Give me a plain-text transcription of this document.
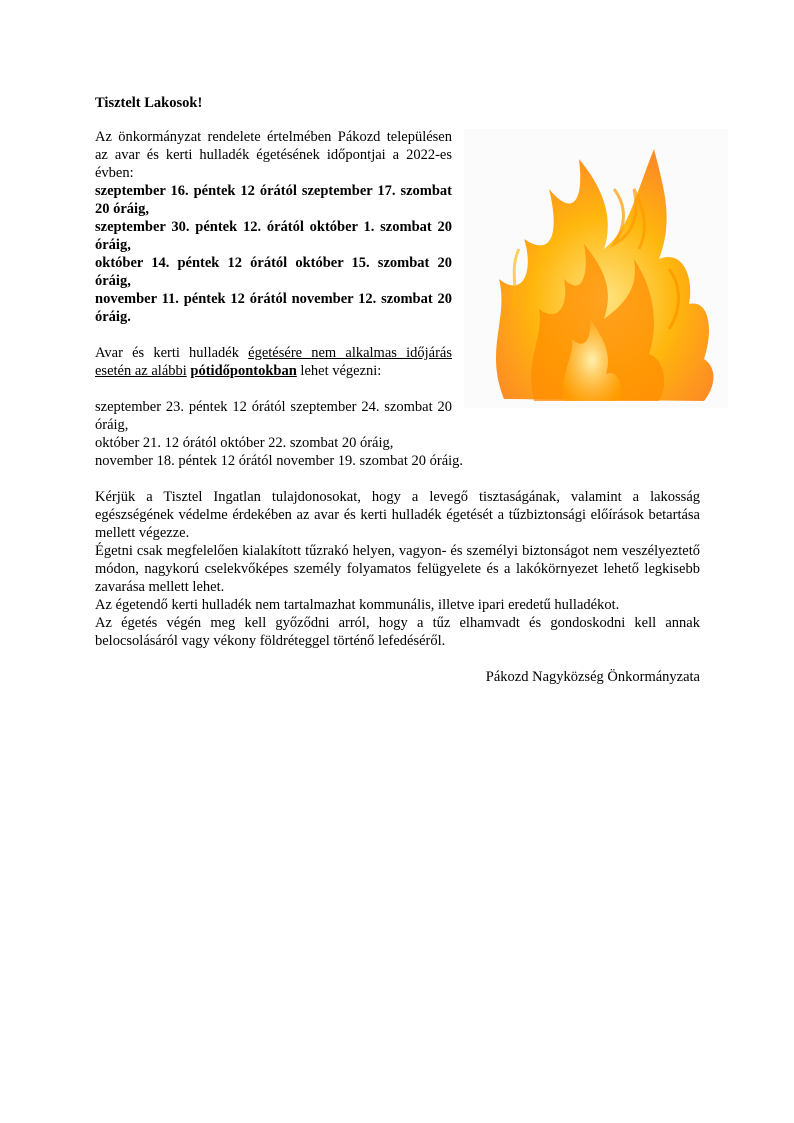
Tisztelt Lakosok!

Az önkormányzat rendelete értelmében Pákozd településen az avar és kerti hulladék égetésének időpontjai a 2022-es évben:

szeptember 16. péntek 12 órától szeptember 17. szombat 20 óráig,

szeptember 30. péntek 12. órától október 1. szombat 20 óráig,

október 14. péntek 12 órától október 15. szombat 20 óráig,

november 11. péntek 12 órától november 12. szombat 20 óráig.

Avar és kerti hulladék égetésére nem alkalmas időjárás esetén az alábbi pótidőpontokban lehet végezni:

szeptember 23. péntek 12 órától szeptember 24. szombat 20 óráig,

október 21. 12 órától október 22. szombat 20 óráig,

november 18. péntek 12 órától november 19. szombat 20 óráig.

Kérjük a Tisztel Ingatlan tulajdonosokat, hogy a levegő tisztaságának, valamint a lakosság egészségének védelme érdekében az avar és kerti hulladék égetését a tűzbiztonsági előírások betartása mellett végezze.

Égetni csak megfelelően kialakított tűzrakó helyen, vagyon- és személyi biztonságot nem veszélyeztető módon, nagykorú cselekvőképes személy folyamatos felügyelete és a lakókörnyezet lehető legkisebb zavarása mellett lehet.

Az égetendő kerti hulladék nem tartalmazhat kommunális, illetve ipari eredetű hulladékot.

Az égetés végén meg kell győződni arról, hogy a tűz elhamvadt és gondoskodni kell annak belocsolásáról vagy vékony földréteggel történő lefedéséről.

Pákozd Nagyközség Önkormányzata
